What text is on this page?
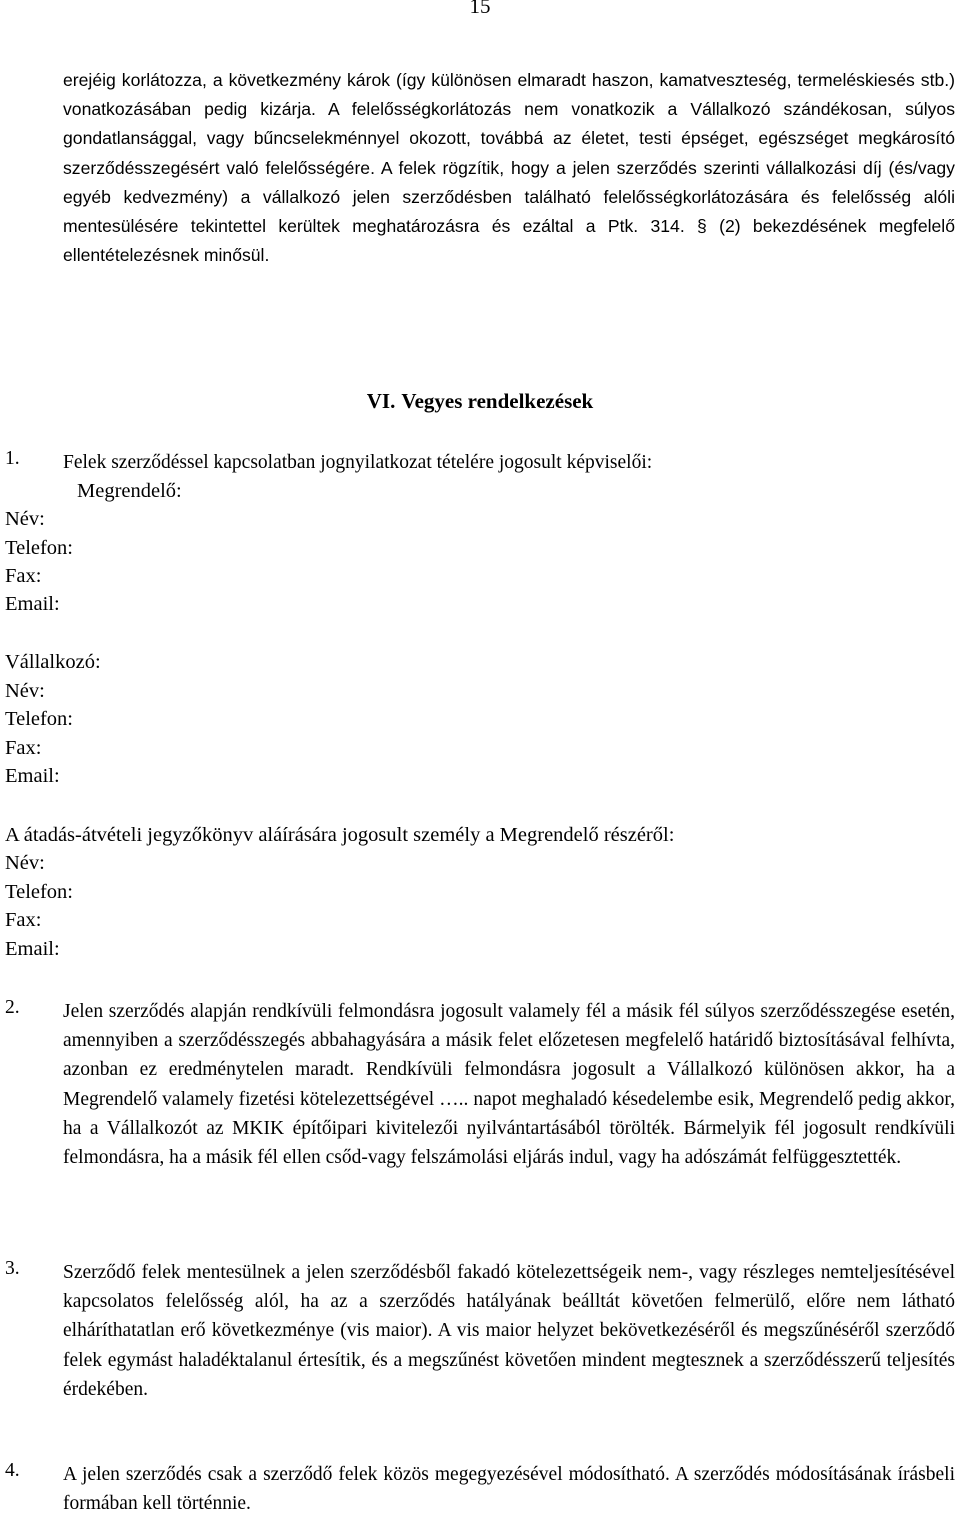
15
erejéig korlátozza, a következmény károk (így különösen elmaradt haszon, kamatveszteség, termeléskiesés stb.) vonatkozásában pedig kizárja. A felelősségkorlátozás nem vonatkozik a Vállalkozó szándékosan, súlyos gondatlansággal, vagy bűncselekménnyel okozott, továbbá az életet, testi épséget, egészséget megkárosító szerződésszegésért való felelősségére. A felek rögzítik, hogy a jelen szerződés szerinti vállalkozási díj (és/vagy egyéb kedvezmény) a vállalkozó jelen szerződésben található felelősségkorlátozására és felelősség alóli mentesülésére tekintettel kerültek meghatározásra és ezáltal a Ptk. 314. § (2) bekezdésének megfelelő ellentételezésnek minősül.
VI. Vegyes rendelkezések
1. Felek szerződéssel kapcsolatban jognyilatkozat tételére jogosult képviselői:
Megrendelő:
Név:
Telefon:
Fax:
Email:
Vállalkozó:
Név:
Telefon:
Fax:
Email:
A átadás-átvételi jegyzőkönyv aláírására jogosult személy a Megrendelő részéről:
Név:
Telefon:
Fax:
Email:
2. Jelen szerződés alapján rendkívüli felmondásra jogosult valamely fél a másik fél súlyos szerződésszegése esetén, amennyiben a szerződésszegés abbahagyására a másik felet előzetesen megfelelő határidő biztosításával felhívta, azonban ez eredménytelen maradt. Rendkívüli felmondásra jogosult a Vállalkozó különösen akkor, ha a Megrendelő valamely fizetési kötelezettségével ….. napot meghaladó késedelembe esik, Megrendelő pedig akkor, ha a Vállalkozót az MKIK építőipari kivitelezői nyilvántartásából törölték. Bármelyik fél jogosult rendkívüli felmondásra, ha a másik fél ellen csőd-vagy felszámolási eljárás indul, vagy ha adószámát felfüggesztették.
3. Szerződő felek mentesülnek a jelen szerződésből fakadó kötelezettségeik nem-, vagy részleges nemteljesítésével kapcsolatos felelősség alól, ha az a szerződés hatályának beálltát követően felmerülő, előre nem látható elháríthatatlan erő következménye (vis maior). A vis maior helyzet bekövetkezéséről és megszűnéséről szerződő felek egymást haladéktalanul értesítik, és a megszűnést követően mindent megtesznek a szerződésszerű teljesítés érdekében.
4. A jelen szerződés csak a szerződő felek közös megegyezésével módosítható. A szerződés módosításának írásbeli formában kell történnie.
